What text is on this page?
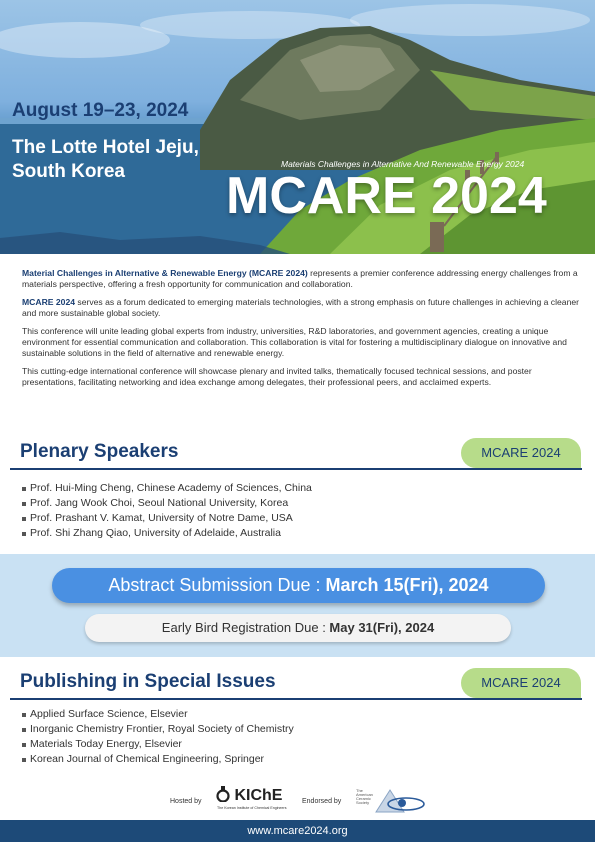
August 19–23, 2024
The Lotte Hotel Jeju,
South Korea	Materials Challenges in Alternative And Renewable Energy 2024
MCARE 2024

Material Challenges in Alternative & Renewable Energy (MCARE 2024) represents a premier conference addressing energy challenges from a materials perspective, offering a fresh opportunity for communication and collaboration.

MCARE 2024 serves as a forum dedicated to emerging materials technologies, with a strong emphasis on future challenges in achieving a cleaner and more sustainable global society.

This conference will unite leading global experts from industry, universities, R&D laboratories, and government agencies, creating a unique environment for essential communication and collaboration. This collaboration is vital for fostering a multidisciplinary dialogue on innovative and sustainable solutions in the field of alternative and renewable energy.

This cutting-edge international conference will showcase plenary and invited talks, thematically focused technical sessions, and poster presentations, facilitating networking and idea exchange among delegates, their professional peers, and acclaimed experts.

Plenary Speakers	MCARE 2024
Prof. Hui-Ming Cheng, Chinese Academy of Sciences, China
Prof. Jang Wook Choi, Seoul National University, Korea
Prof. Prashant V. Kamat, University of Notre Dame, USA
Prof. Shi Zhang Qiao, University of Adelaide, Australia
Abstract Submission Due : March 15(Fri), 2024
Early Bird Registration Due : May 31(Fri), 2024
Publishing in Special Issues	MCARE 2024
Applied Surface Science, Elsevier
Inorganic Chemistry Frontier, Royal Society of Chemistry
Materials Today Energy, Elsevier
Korean Journal of Chemical Engineering, Springer
Hosted by	KIChE
The Korean Institute of Chemical Engineers
Endorsed by
The
American
Ceramic
Society
www.mcare2024.org
